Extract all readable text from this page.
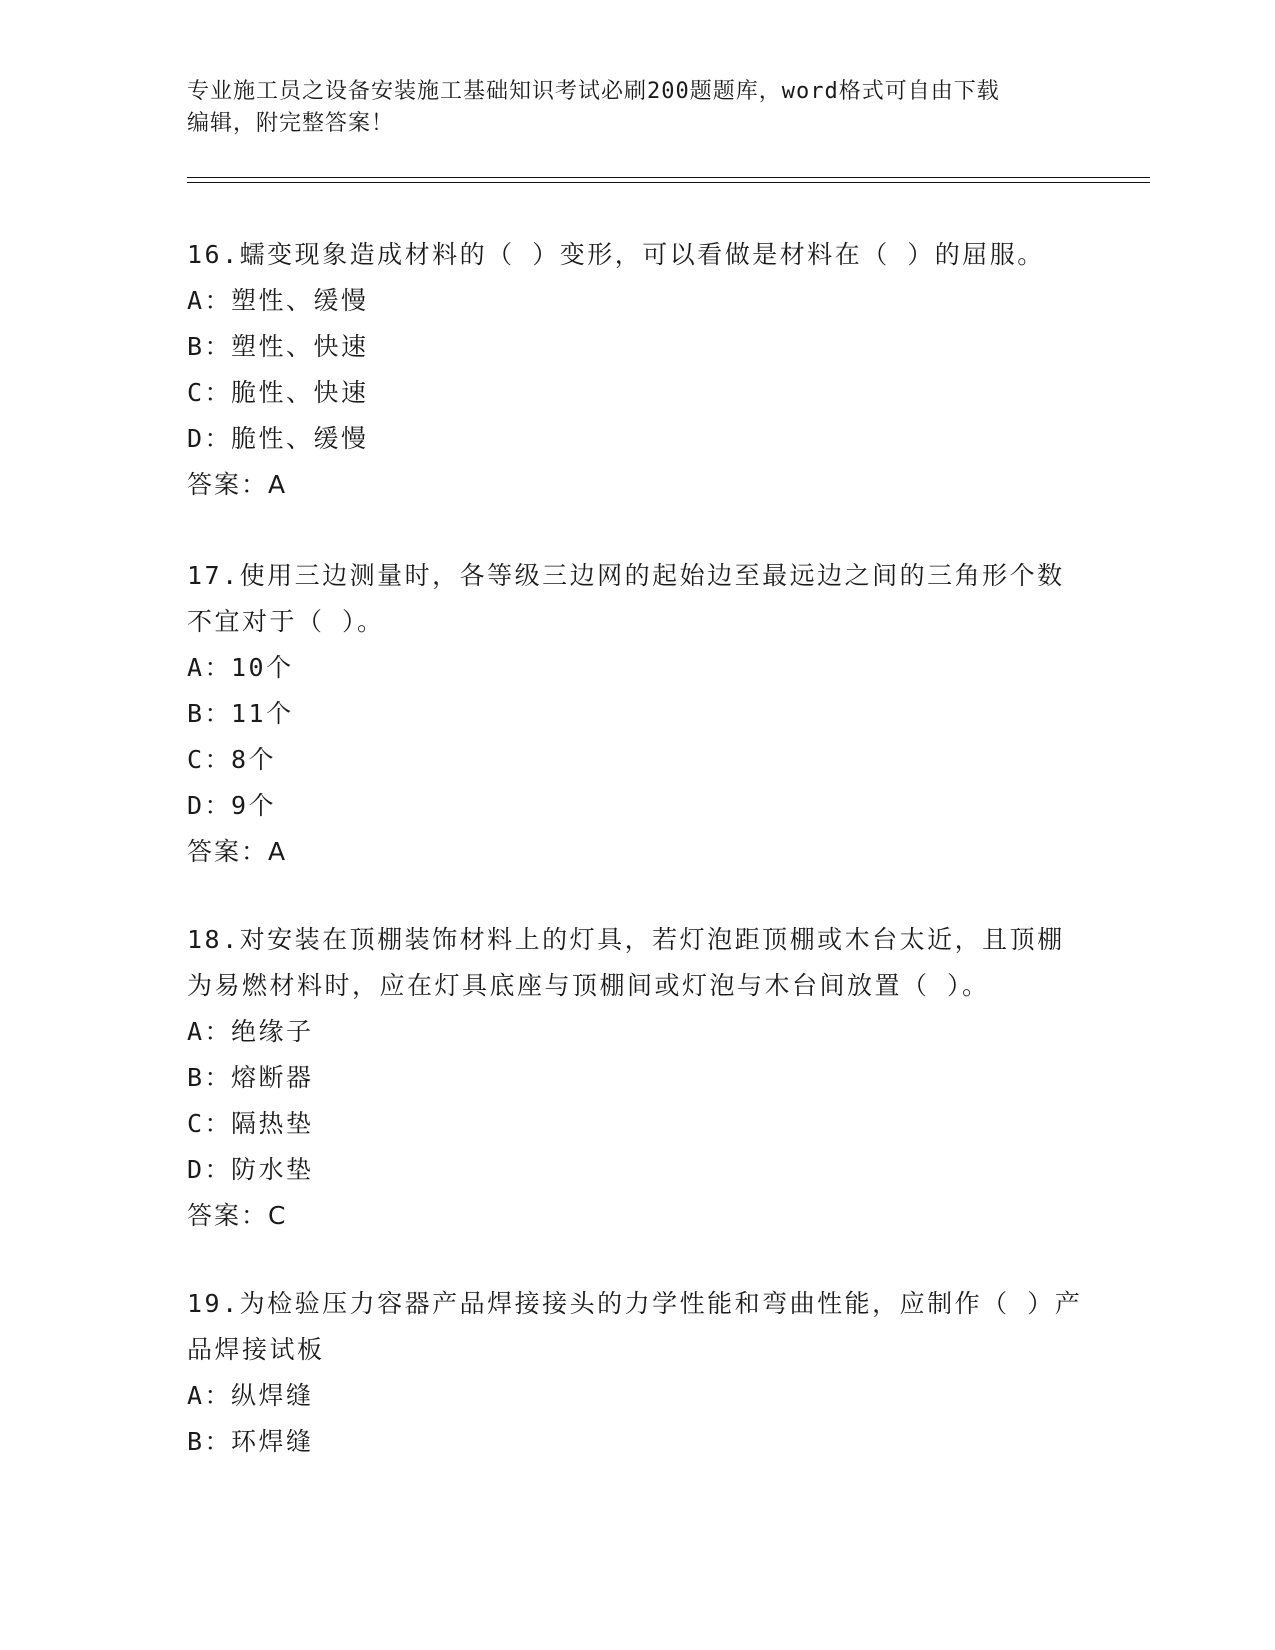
专业施工员之设备安装施工基础知识考试必刷200题题库，word格式可自由下载
编辑，附完整答案！

16.蠕变现象造成材料的（ ）变形，可以看做是材料在（ ）的屈服。

A：塑性、缓慢
B：塑性、快速
C：脆性、快速
D：脆性、缓慢
答案：A

17.使用三边测量时，各等级三边网的起始边至最远边之间的三角形个数不宜对于（ ）。

A：10个
B：11个
C：8个
D：9个
答案：A

18.对安装在顶棚装饰材料上的灯具，若灯泡距顶棚或木台太近，且顶棚为易燃材料时，应在灯具底座与顶棚间或灯泡与木台间放置（ ）。

A：绝缘子
B：熔断器
C：隔热垫
D：防水垫
答案：C

19.为检验压力容器产品焊接接头的力学性能和弯曲性能，应制作（ ）产品焊接试板

A：纵焊缝
B：环焊缝
